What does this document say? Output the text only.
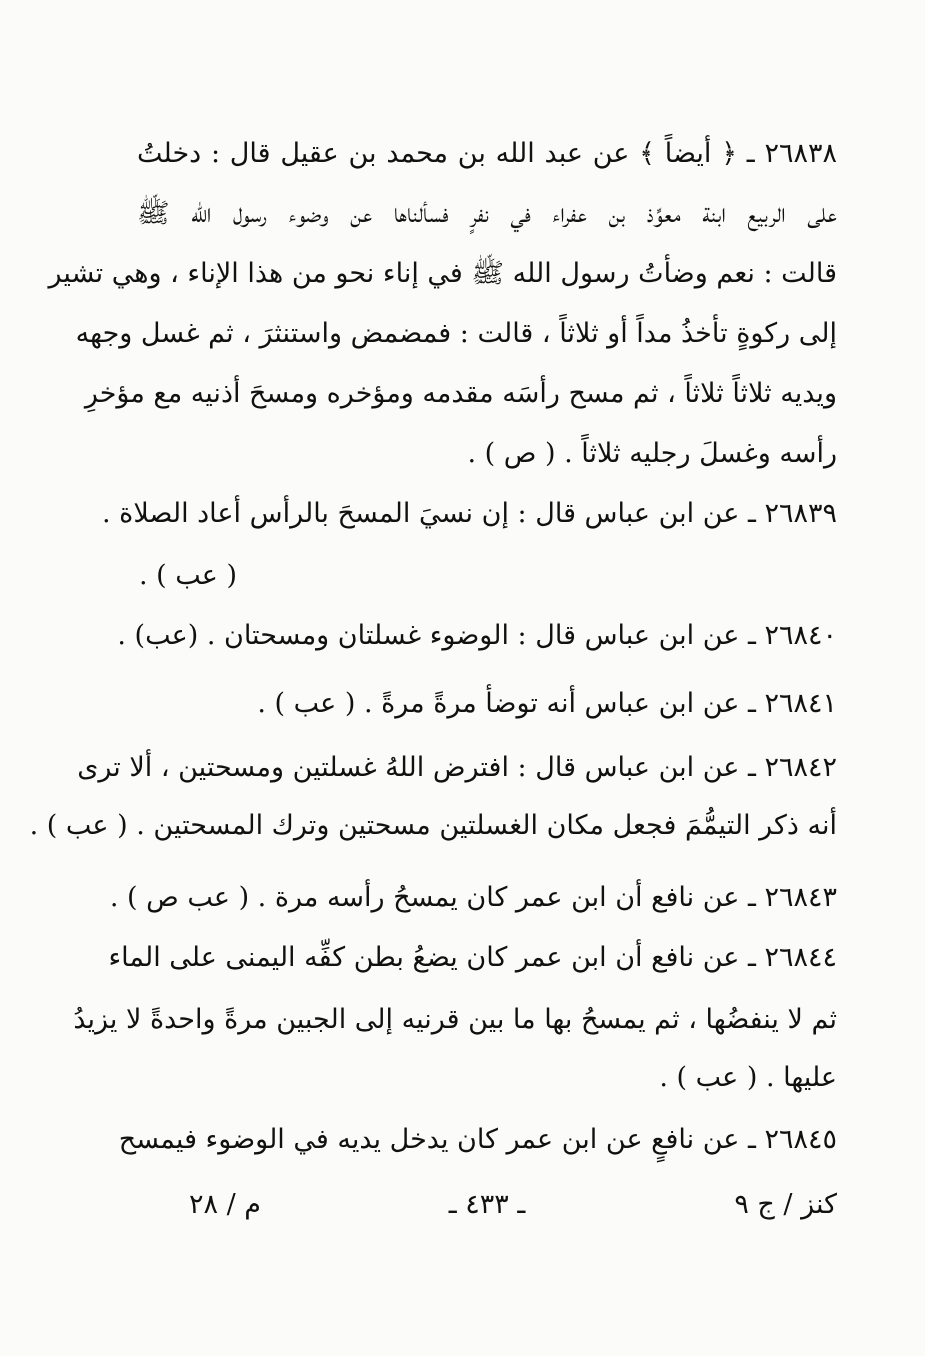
٢٦٨٣٨ ـ ﴿ أيضاً ﴾ عن عبد الله بن محمد بن عقيل قال : دخلتُ
على الربيع ابنة معوِّذ بن عفراء في نفرٍ فسألناها عن وضوء رسول الله ﷺ
قالت : نعم وضأتُ رسول الله ﷺ في إناء نحو من هذا الإناء ، وهي تشير
إلى ركوةٍ تأخذُ مداً أو ثلاثاً ، قالت : فمضمض واستنثرَ ، ثم غسل وجهه
ويديه ثلاثاً ثلاثاً ، ثم مسح رأسَه مقدمه ومؤخره ومسحَ أذنيه مع مؤخرِ
رأسه وغسلَ رجليه ثلاثاً . ( ص ) .
٢٦٨٣٩ ـ عن ابن عباس قال : إن نسيَ المسحَ بالرأس أعاد الصلاة .
( عب ) .
٢٦٨٤٠ ـ عن ابن عباس قال : الوضوء غسلتان ومسحتان . (عب) .
٢٦٨٤١ ـ عن ابن عباس أنه توضأ مرةً مرةً . ( عب ) .
٢٦٨٤٢ ـ عن ابن عباس قال : افترض اللهُ غسلتين ومسحتين ، ألا ترى
أنه ذكر التيمُّمَ فجعل مكان الغسلتين مسحتين وترك المسحتين . ( عب ) .
٢٦٨٤٣ ـ عن نافع أن ابن عمر كان يمسحُ رأسه مرة . ( عب ص ) .
٢٦٨٤٤ ـ عن نافع أن ابن عمر كان يضعُ بطن كفِّه اليمنى على الماء
ثم لا ينفضُها ، ثم يمسحُ بها ما بين قرنيه إلى الجبين مرةً واحدةً لا يزيدُ
عليها . ( عب ) .
٢٦٨٤٥ ـ عن نافعٍ عن ابن عمر كان يدخل يديه في الوضوء فيمسح
كنز / ج ٩
ـ ٤٣٣ ـ
م / ٢٨
